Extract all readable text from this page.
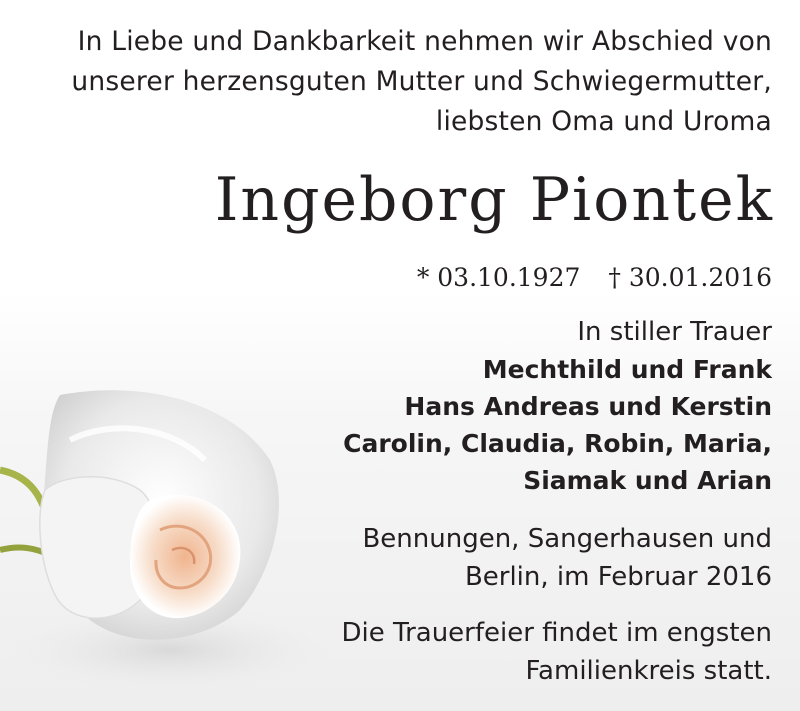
In Liebe und Dankbarkeit nehmen wir Abschied von
unserer herzensguten Mutter und Schwiegermutter,
liebsten Oma und Uroma
Ingeborg Piontek
* 03.10.1927 † 30.01.2016
In stiller Trauer
Mechthild und Frank
Hans Andreas und Kerstin
Carolin, Claudia, Robin, Maria,
Siamak und Arian
Bennungen, Sangerhausen und
Berlin, im Februar 2016
Die Trauerfeier findet im engsten
Familienkreis statt.
